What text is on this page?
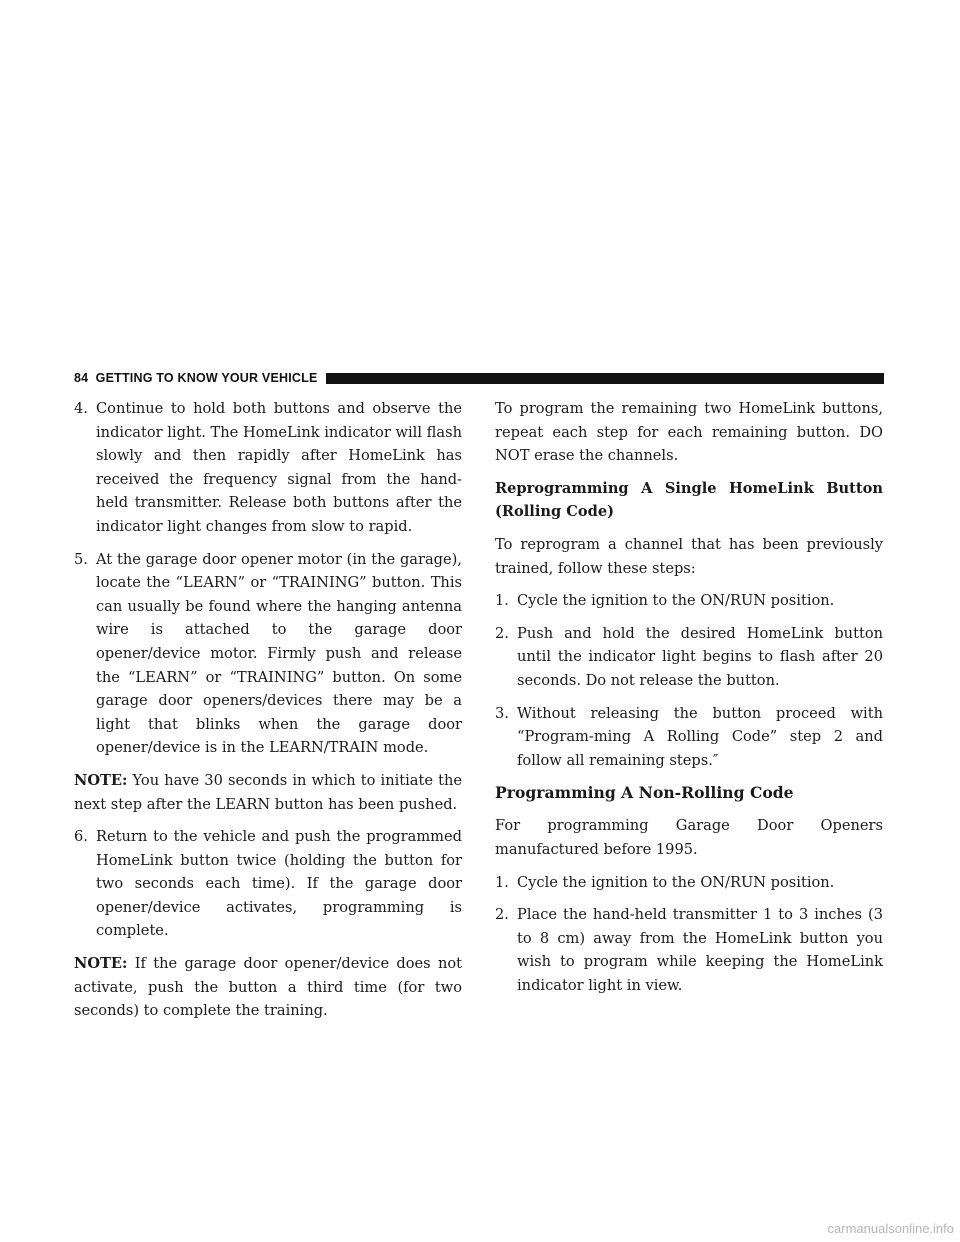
84 GETTING TO KNOW YOUR VEHICLE
4. Continue to hold both buttons and observe the indicator light. The HomeLink indicator will flash slowly and then rapidly after HomeLink has received the frequency signal from the hand-held transmitter. Release both buttons after the indicator light changes from slow to rapid.
5. At the garage door opener motor (in the garage), locate the “LEARN” or “TRAINING” button. This can usually be found where the hanging antenna wire is attached to the garage door opener/device motor. Firmly push and release the “LEARN” or “TRAINING” button. On some garage door openers/devices there may be a light that blinks when the garage door opener/device is in the LEARN/TRAIN mode.

NOTE: You have 30 seconds in which to initiate the next step after the LEARN button has been pushed.

6. Return to the vehicle and push the programmed HomeLink button twice (holding the button for two seconds each time). If the garage door opener/device activates, programming is complete.

NOTE: If the garage door opener/device does not activate, push the button a third time (for two seconds) to complete the training.

To program the remaining two HomeLink buttons, repeat each step for each remaining button. DO NOT erase the channels.

Reprogramming A Single HomeLink Button (Rolling Code)

To reprogram a channel that has been previously trained, follow these steps:

1. Cycle the ignition to the ON/RUN position.
2. Push and hold the desired HomeLink button until the indicator light begins to flash after 20 seconds. Do not release the button.
3. Without releasing the button proceed with “Program-ming A Rolling Code” step 2 and follow all remaining steps.″

Programming A Non-Rolling Code

For programming Garage Door Openers manufactured before 1995.

1. Cycle the ignition to the ON/RUN position.
2. Place the hand-held transmitter 1 to 3 inches (3 to 8 cm) away from the HomeLink button you wish to program while keeping the HomeLink indicator light in view.
carmanualsonline.info
